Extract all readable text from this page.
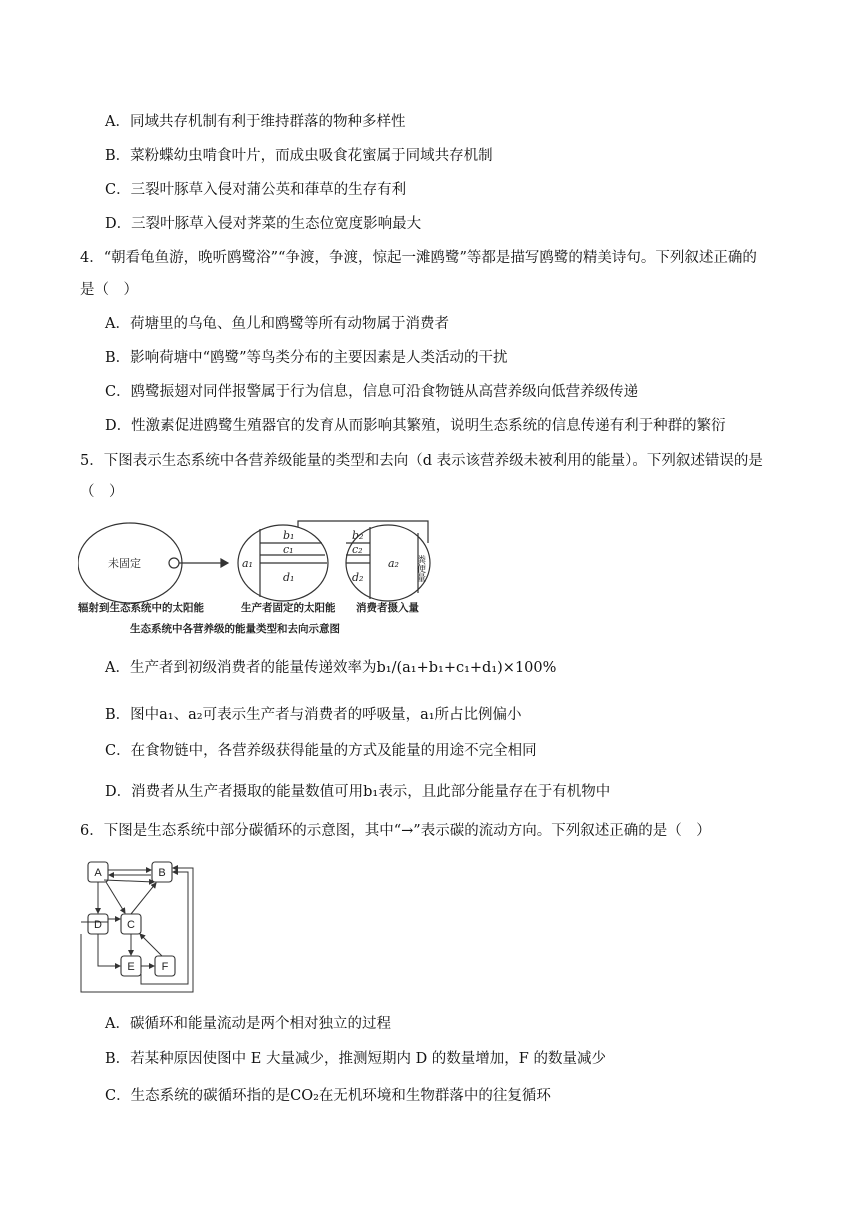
A．同域共存机制有利于维持群落的物种多样性
B．菜粉蝶幼虫啃食叶片，而成虫吸食花蜜属于同域共存机制
C．三裂叶豚草入侵对蒲公英和葎草的生存有利
D．三裂叶豚草入侵对荠菜的生态位宽度影响最大
4．“朝看龟鱼游，晚听鸥鹭浴”“争渡，争渡，惊起一滩鸥鹭”等都是描写鸥鹭的精美诗句。下列叙述正确的
是（　）
A．荷塘里的乌龟、鱼儿和鸥鹭等所有动物属于消费者
B．影响荷塘中“鸥鹭”等鸟类分布的主要因素是人类活动的干扰
C．鸥鹭振翅对同伴报警属于行为信息，信息可沿食物链从高营养级向低营养级传递
D．性激素促进鸥鹭生殖器官的发育从而影响其繁殖，说明生态系统的信息传递有利于种群的繁衍
5．下图表示生态系统中各营养级能量的类型和去向（d 表示该营养级未被利用的能量）。下列叙述错误的是
（　）
未固定	a₁
b₁
c₁
d₁
b₂
c₂
d₂
a₂ 粪便量
辐射到生态系统中的太阳能	生产者固定的太阳能 消费者摄入量
生态系统中各营养级的能量类型和去向示意图
A．生产者到初级消费者的能量传递效率为b₁/(a₁+b₁+c₁+d₁)×100%
B．图中a₁、a₂可表示生产者与消费者的呼吸量，a₁所占比例偏小
C．在食物链中，各营养级获得能量的方式及能量的用途不完全相同
D．消费者从生产者摄取的能量数值可用b₁表示，且此部分能量存在于有机物中
6．下图是生态系统中部分碳循环的示意图，其中“→”表示碳的流动方向。下列叙述正确的是（　）
A	B
D C
E F
A．碳循环和能量流动是两个相对独立的过程
B．若某种原因使图中 E 大量减少，推测短期内 D 的数量增加，F 的数量减少
C．生态系统的碳循环指的是CO₂在无机环境和生物群落中的往复循环
